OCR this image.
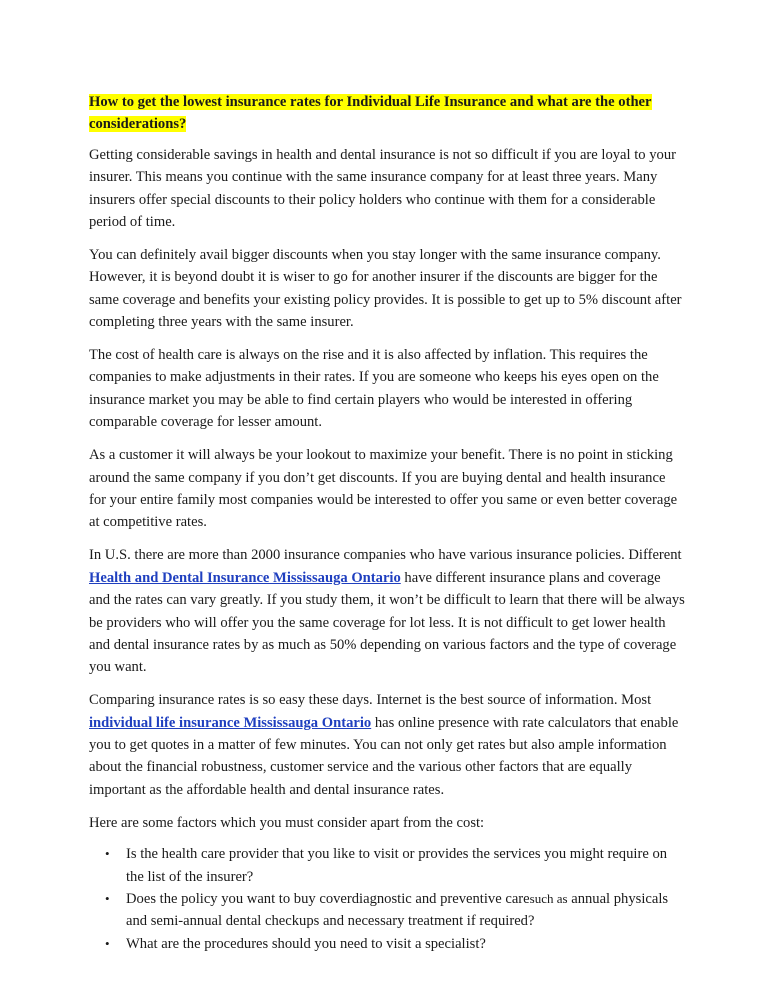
How to get the lowest insurance rates for Individual Life Insurance and what are the other considerations?

Getting considerable savings in health and dental insurance is not so difficult if you are loyal to your insurer. This means you continue with the same insurance company for at least three years. Many insurers offer special discounts to their policy holders who continue with them for a considerable period of time.

You can definitely avail bigger discounts when you stay longer with the same insurance company. However, it is beyond doubt it is wiser to go for another insurer if the discounts are bigger for the same coverage and benefits your existing policy provides. It is possible to get up to 5% discount after completing three years with the same insurer.

The cost of health care is always on the rise and it is also affected by inflation. This requires the companies to make adjustments in their rates. If you are someone who keeps his eyes open on the insurance market you may be able to find certain players who would be interested in offering comparable coverage for lesser amount.

As a customer it will always be your lookout to maximize your benefit. There is no point in sticking around the same company if you don’t get discounts. If you are buying dental and health insurance for your entire family most companies would be interested to offer you same or even better coverage at competitive rates.

In U.S. there are more than 2000 insurance companies who have various insurance policies. Different Health and Dental Insurance Mississauga Ontario have different insurance plans and coverage and the rates can vary greatly. If you study them, it won’t be difficult to learn that there will be always be providers who will offer you the same coverage for lot less. It is not difficult to get lower health and dental insurance rates by as much as 50% depending on various factors and the type of coverage you want.

Comparing insurance rates is so easy these days. Internet is the best source of information. Most individual life insurance Mississauga Ontario has online presence with rate calculators that enable you to get quotes in a matter of few minutes. You can not only get rates but also ample information about the financial robustness, customer service and the various other factors that are equally important as the affordable health and dental insurance rates.

Here are some factors which you must consider apart from the cost:

• Is the health care provider that you like to visit or provides the services you might require on the list of the insurer?
• Does the policy you want to buy coverdiagnostic and preventive caresuch as annual physicals and semi-annual dental checkups and necessary treatment if required?
• What are the procedures should you need to visit a specialist?
